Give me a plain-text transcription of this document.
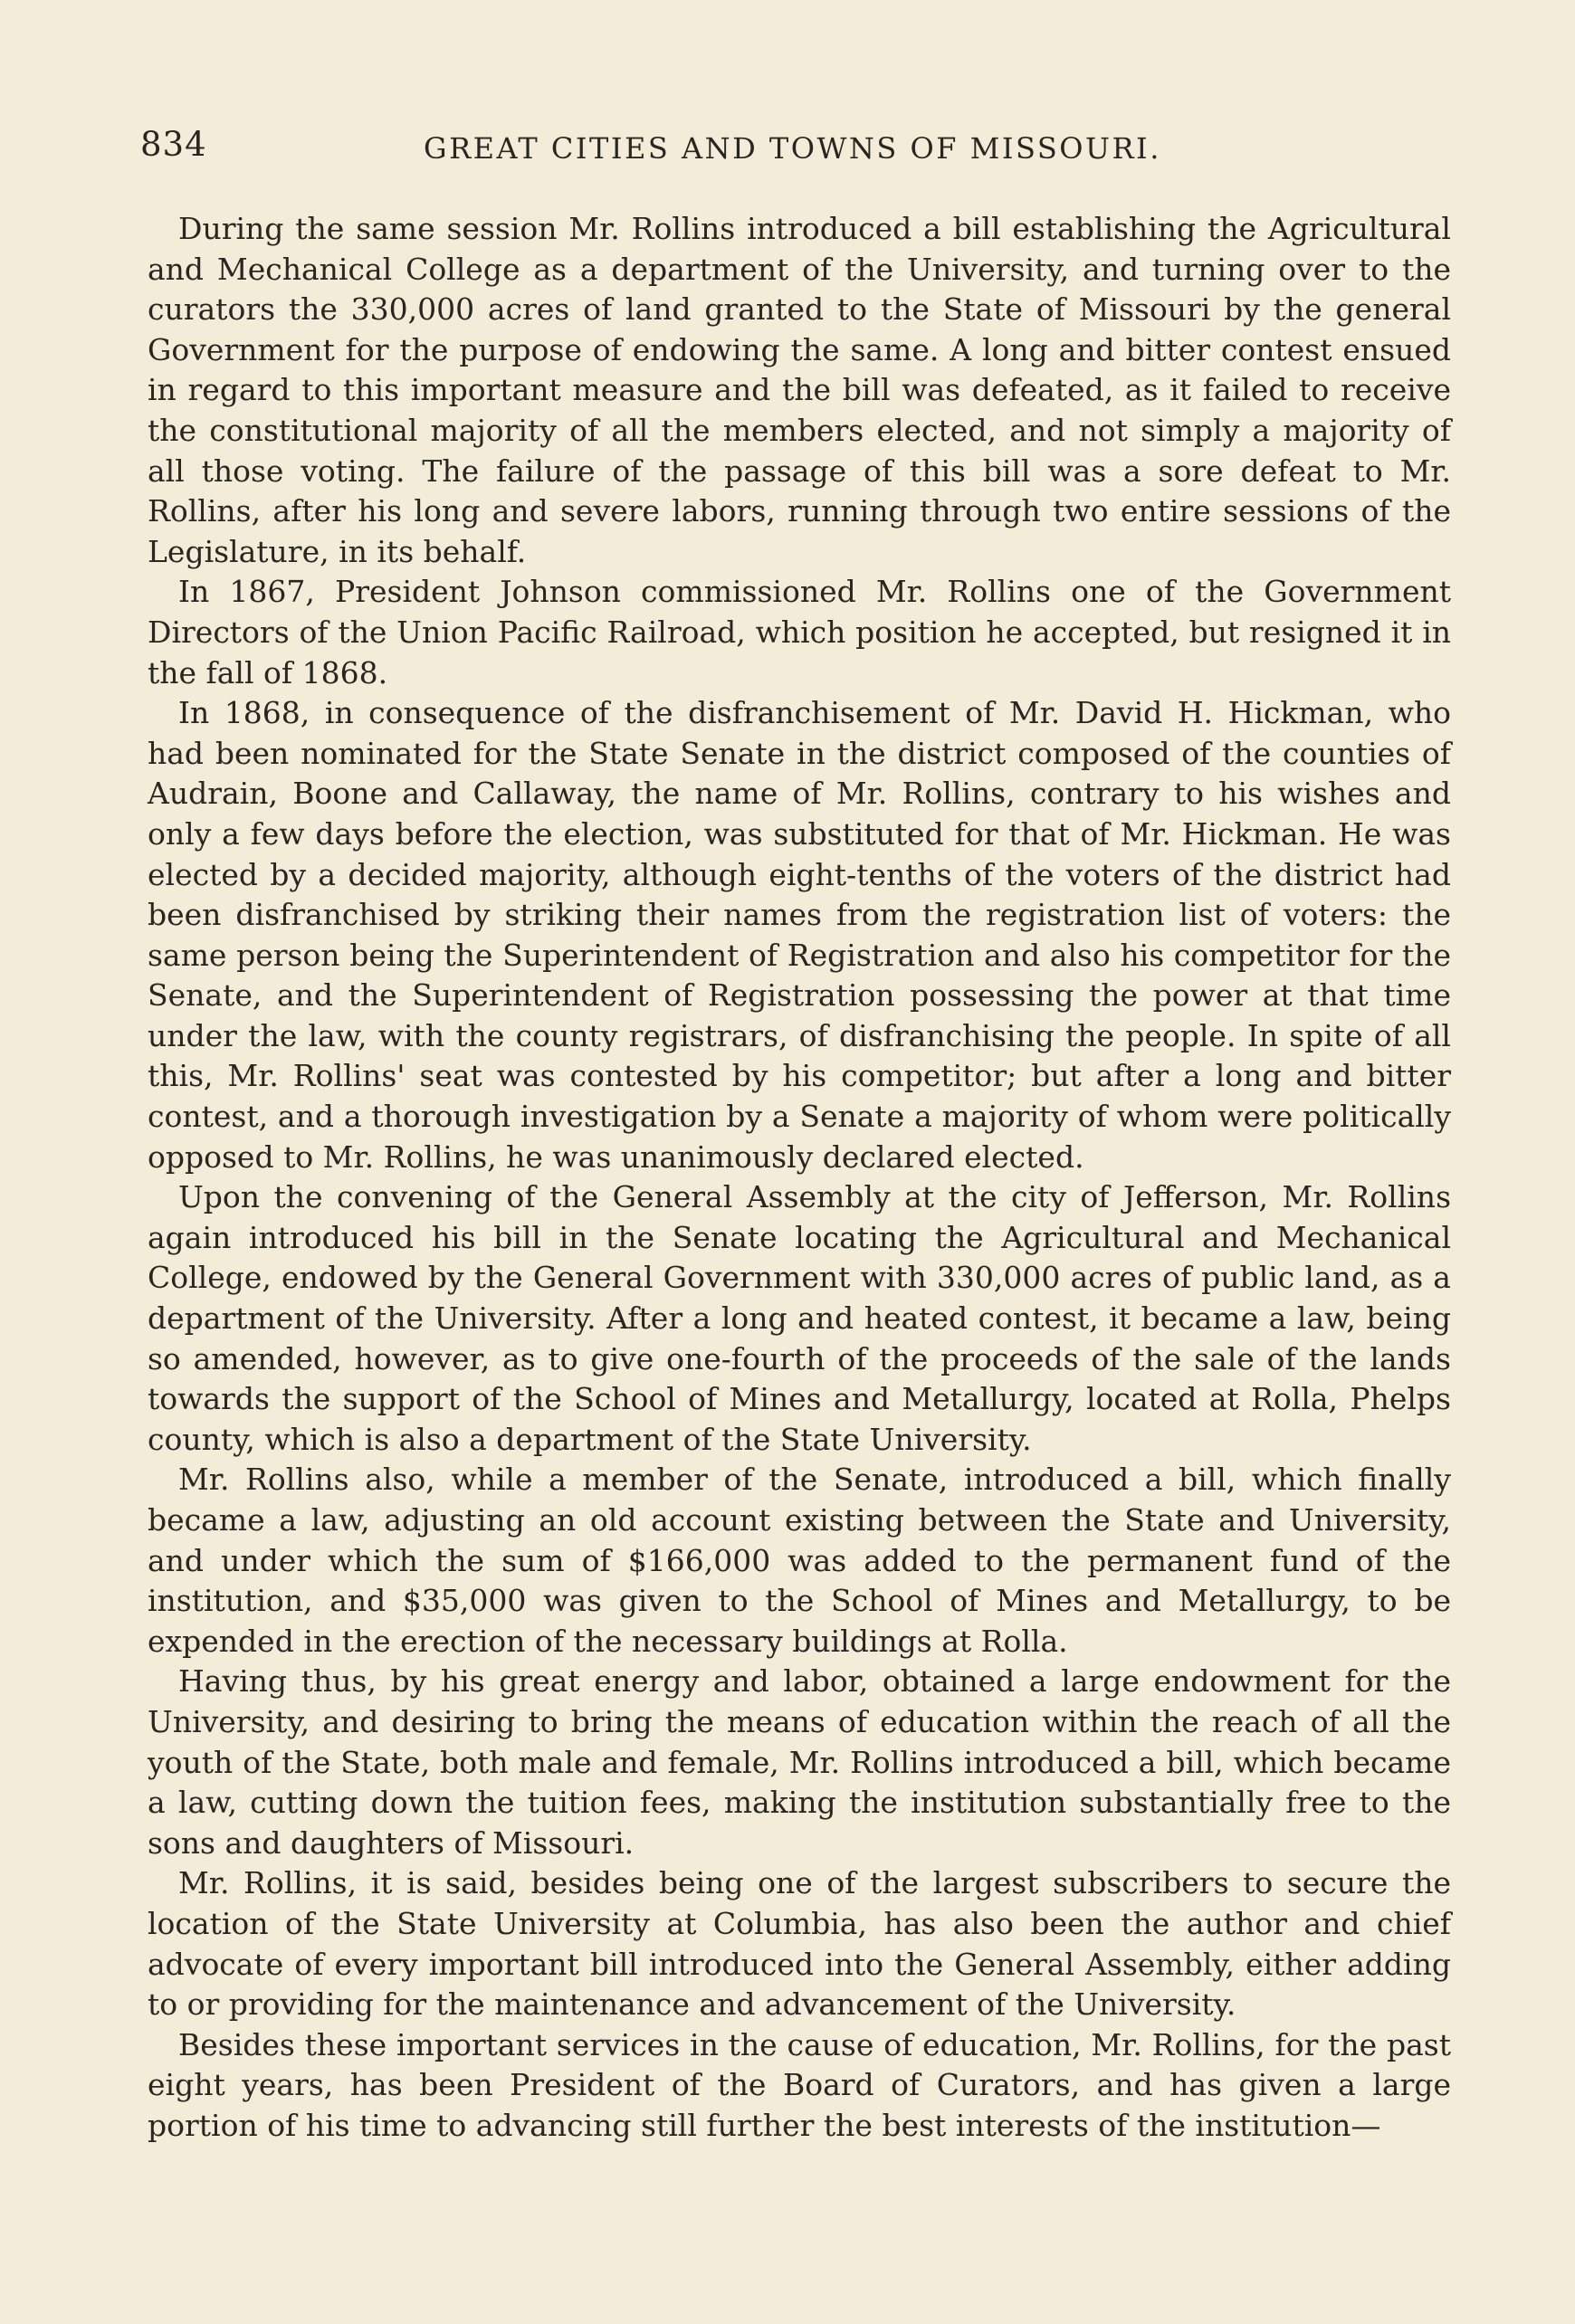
834	GREAT CITIES AND TOWNS OF MISSOURI.

During the same session Mr. Rollins introduced a bill establishing the Agricultural and Mechanical College as a department of the University, and turning over to the curators the 330,000 acres of land granted to the State of Missouri by the general Government for the purpose of endowing the same. A long and bitter contest ensued in regard to this important measure and the bill was defeated, as it failed to receive the constitutional majority of all the members elected, and not simply a majority of all those voting. The failure of the passage of this bill was a sore defeat to Mr. Rollins, after his long and severe labors, running through two entire sessions of the Legislature, in its behalf.

In 1867, President Johnson commissioned Mr. Rollins one of the Government Directors of the Union Pacific Railroad, which position he accepted, but resigned it in the fall of 1868.

In 1868, in consequence of the disfranchisement of Mr. David H. Hickman, who had been nominated for the State Senate in the district composed of the counties of Audrain, Boone and Callaway, the name of Mr. Rollins, contrary to his wishes and only a few days before the election, was substituted for that of Mr. Hickman. He was elected by a decided majority, although eight-tenths of the voters of the district had been disfranchised by striking their names from the registration list of voters: the same person being the Superintendent of Registration and also his competitor for the Senate, and the Superintendent of Registration possessing the power at that time under the law, with the county registrars, of disfranchising the people. In spite of all this, Mr. Rollins' seat was contested by his competitor; but after a long and bitter contest, and a thorough investigation by a Senate a majority of whom were politically opposed to Mr. Rollins, he was unanimously declared elected.

Upon the convening of the General Assembly at the city of Jefferson, Mr. Rollins again introduced his bill in the Senate locating the Agricultural and Mechanical College, endowed by the General Government with 330,000 acres of public land, as a department of the University. After a long and heated contest, it became a law, being so amended, however, as to give one-fourth of the proceeds of the sale of the lands towards the support of the School of Mines and Metallurgy, located at Rolla, Phelps county, which is also a department of the State University.

Mr. Rollins also, while a member of the Senate, introduced a bill, which finally became a law, adjusting an old account existing between the State and University, and under which the sum of $166,000 was added to the permanent fund of the institution, and $35,000 was given to the School of Mines and Metallurgy, to be expended in the erection of the necessary buildings at Rolla.

Having thus, by his great energy and labor, obtained a large endowment for the University, and desiring to bring the means of education within the reach of all the youth of the State, both male and female, Mr. Rollins introduced a bill, which became a law, cutting down the tuition fees, making the institution substantially free to the sons and daughters of Missouri.

Mr. Rollins, it is said, besides being one of the largest subscribers to secure the location of the State University at Columbia, has also been the author and chief advocate of every important bill introduced into the General Assembly, either adding to or providing for the maintenance and advancement of the University.

Besides these important services in the cause of education, Mr. Rollins, for the past eight years, has been President of the Board of Curators, and has given a large portion of his time to advancing still further the best interests of the institution—
